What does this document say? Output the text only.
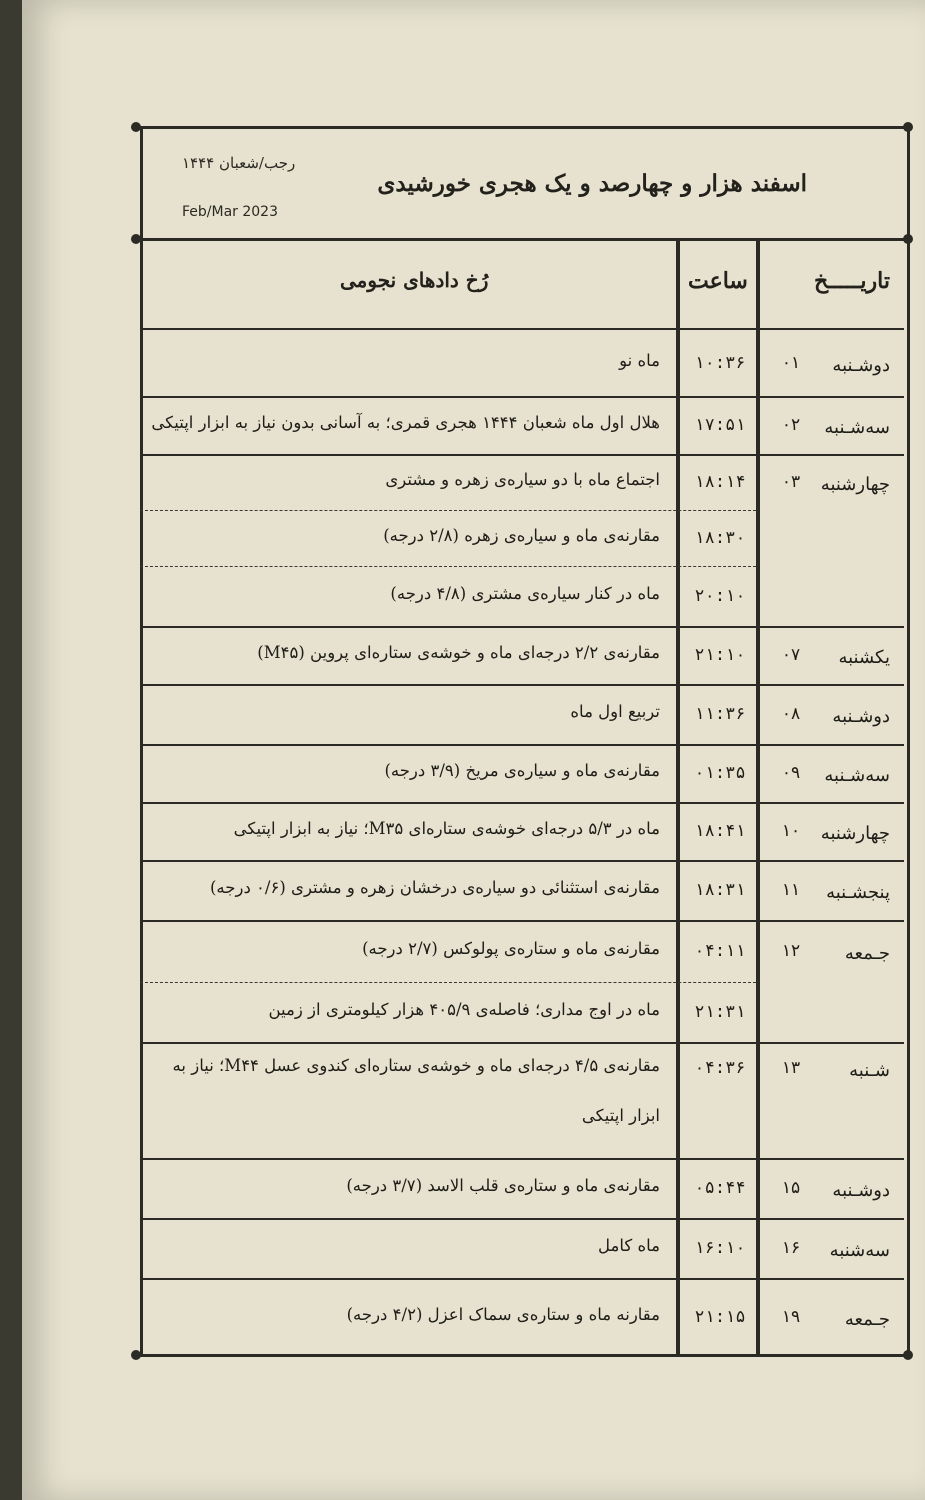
اسفند هزار و چهارصد و یک هجری خورشیدی
رجب/شعبان ۱۴۴۴
Feb/Mar 2023
تاریـــــخ
ساعت
رُخ دادهای نجومی
دوشـنبه
۰۱
۱۰:۳۶
ماه نو
سه‌شـنبه
۰۲
۱۷:۵۱
هلال اول ماه شعبان ۱۴۴۴ هجری قمری؛ به آسانی بدون نیاز به ابزار اپتیکی
چهارشنبه
۰۳
۱۸:۱۴
اجتماع ماه با دو سیاره‌ی زهره و مشتری
۱۸:۳۰
مقارنه‌ی ماه و سیاره‌ی زهره (۲/۸ درجه)
۲۰:۱۰
ماه در کنار سیاره‌ی مشتری (۴/۸ درجه)
یکشنبه
۰۷
۲۱:۱۰
مقارنه‌ی ۲/۲ درجه‌ای ماه و خوشه‌ی ستاره‌ای پروین (M۴۵)
دوشـنبه
۰۸
۱۱:۳۶
تربیع اول ماه
سه‌شـنبه
۰۹
۰۱:۳۵
مقارنه‌ی ماه و سیاره‌ی مریخ (۳/۹ درجه)
چهارشنبه
۱۰
۱۸:۴۱
ماه در ۵/۳ درجه‌ای خوشه‌ی ستاره‌ای M۳۵؛ نیاز به ابزار اپتیکی
پنجشـنبه
۱۱
۱۸:۳۱
مقارنه‌ی استثنائی دو سیاره‌ی درخشان زهره و مشتری (۰/۶ درجه)
جـمعه
۱۲
۰۴:۱۱
مقارنه‌ی ماه و ستاره‌ی پولوکس (۲/۷ درجه)
۲۱:۳۱
ماه در اوج مداری؛ فاصله‌ی ۴۰۵/۹ هزار کیلومتری از زمین
شـنبه
۱۳
۰۴:۳۶
مقارنه‌ی ۴/۵ درجه‌ای ماه و خوشه‌ی ستاره‌ای کندوی عسل M۴۴؛ نیاز به
ابزار اپتیکی
دوشـنبه
۱۵
۰۵:۴۴
مقارنه‌ی ماه و ستاره‌ی قلب الاسد (۳/۷ درجه)
سه‌شنبه
۱۶
۱۶:۱۰
ماه کامل
جـمعه
۱۹
۲۱:۱۵
مقارنه ماه و ستاره‌ی سماک اعزل (۴/۲ درجه)
